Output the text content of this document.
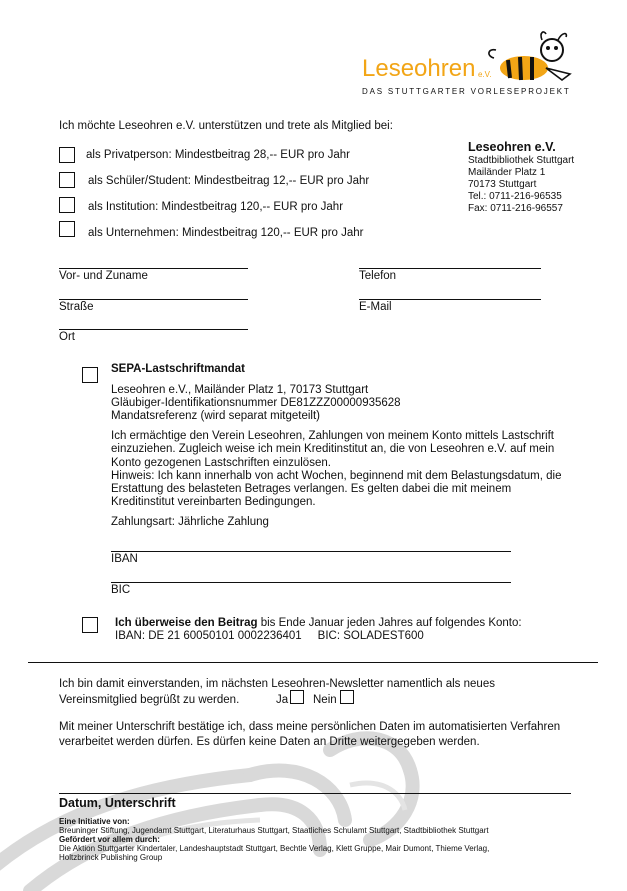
Leseohren e.V.
DAS STUTTGARTER VORLESEPROJEKT
Ich möchte Leseohren e.V. unterstützen und trete als Mitglied bei:
als Privatperson: Mindestbeitrag 28,-- EUR pro Jahr
als Schüler/Student: Mindestbeitrag 12,-- EUR pro Jahr
als Institution: Mindestbeitrag 120,-- EUR pro Jahr
als Unternehmen: Mindestbeitrag 120,-- EUR pro Jahr
Leseohren e.V.
Stadtbibliothek Stuttgart
Mailänder Platz 1
70173 Stuttgart
Tel.: 0711-216-96535
Fax: 0711-216-96557
Vor- und Zuname	Telefon
Straße	E-Mail
Ort
SEPA-Lastschriftmandat
Leseohren e.V., Mailänder Platz 1, 70173 Stuttgart
Gläubiger-Identifikationsnummer DE81ZZZ00000935628
Mandatsreferenz (wird separat mitgeteilt)
Ich ermächtige den Verein Leseohren, Zahlungen von meinem Konto mittels Lastschrift
einzuziehen. Zugleich weise ich mein Kreditinstitut an, die von Leseohren e.V. auf mein
Konto gezogenen Lastschriften einzulösen.
Hinweis: Ich kann innerhalb von acht Wochen, beginnend mit dem Belastungsdatum, die
Erstattung des belasteten Betrages verlangen. Es gelten dabei die mit meinem
Kreditinstitut vereinbarten Bedingungen.
Zahlungsart: Jährliche Zahlung
IBAN
BIC
Ich überweise den Beitrag bis Ende Januar jeden Jahres auf folgendes Konto:
IBAN: DE 21 60050101 0002236401     BIC: SOLADEST600
Ich bin damit einverstanden, im nächsten Leseohren-Newsletter namentlich als neues
Vereinsmitglied begrüßt zu werden.	Ja Nein
Mit meiner Unterschrift bestätige ich, dass meine persönlichen Daten im automatisierten Verfahren
verarbeitet werden dürfen. Es dürfen keine Daten an Dritte weitergegeben werden.
Datum, Unterschrift
Eine Initiative von:
Breuninger Stiftung, Jugendamt Stuttgart, Literaturhaus Stuttgart, Staatliches Schulamt Stuttgart, Stadtbibliothek Stuttgart
Gefördert vor allem durch:
Die Aktion Stuttgarter Kindertaler, Landeshauptstadt Stuttgart, Bechtle Verlag, Klett Gruppe, Mair Dumont, Thieme Verlag,
Holtzbrinck Publishing Group
